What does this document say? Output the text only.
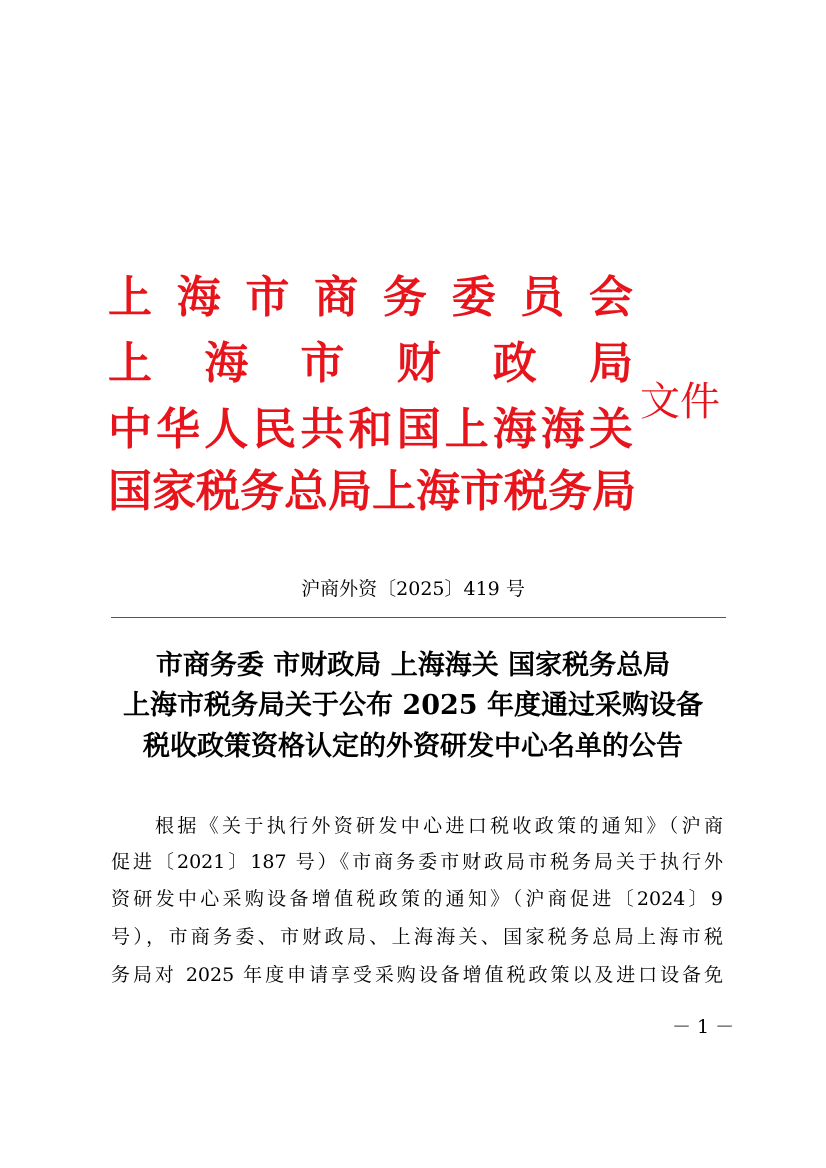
上 海 市 商 务 委 员 会
上 海 市 财 政 局
中华人民共和国上海海关
国家税务总局上海市税务局
文件
沪商外资〔2025〕419 号
市商务委 市财政局 上海海关 国家税务总局
上海市税务局关于公布 2025 年度通过采购设备
税收政策资格认定的外资研发中心名单的公告
根据《关于执行外资研发中心进口税收政策的通知》（沪商
促进〔2021〕187 号）《市商务委市财政局市税务局关于执行外
资研发中心采购设备增值税政策的通知》（沪商促进〔2024〕9
号），市商务委、市财政局、上海海关、国家税务总局上海市税
务局对 2025 年度申请享受采购设备增值税政策以及进口设备免
－ 1 －
